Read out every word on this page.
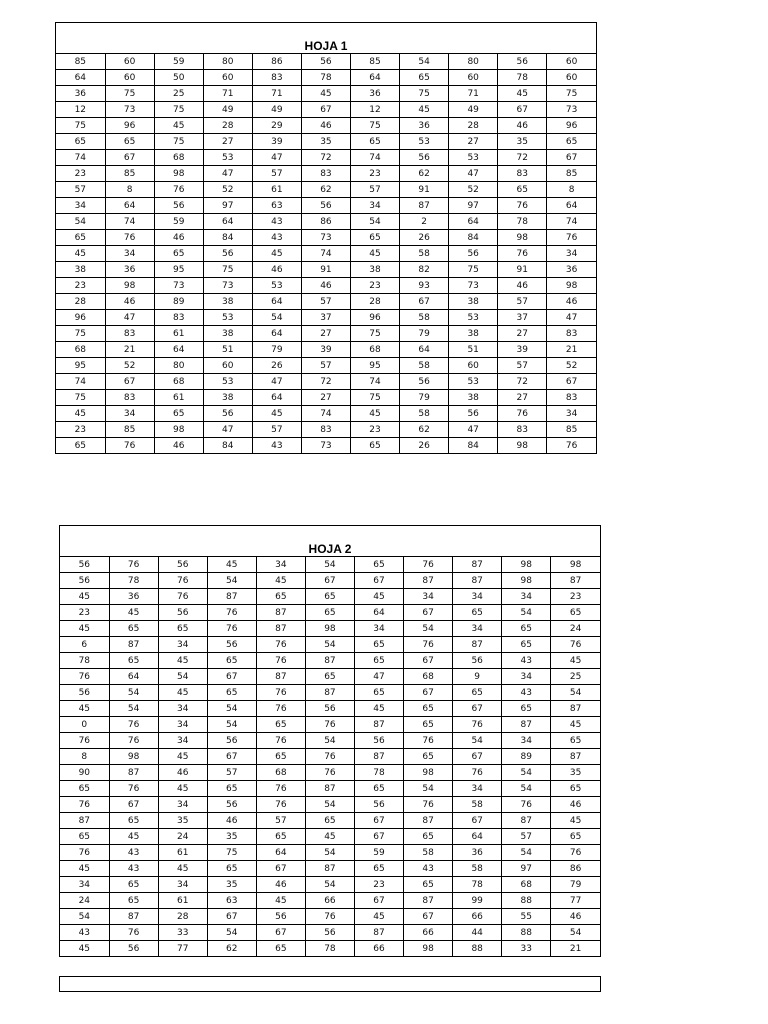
HOJA 1
85	60	59	80	86	56	85	54	80	56	60
64	60	50	60	83	78	64	65	60	78	60
36	75	25	71	71	45	36	75	71	45	75
12	73	75	49	49	67	12	45	49	67	73
75	96	45	28	29	46	75	36	28	46	96
65	65	75	27	39	35	65	53	27	35	65
74	67	68	53	47	72	74	56	53	72	67
23	85	98	47	57	83	23	62	47	83	85
57	8	76	52	61	62	57	91	52	65	8
34	64	56	97	63	56	34	87	97	76	64
54	74	59	64	43	86	54	2	64	78	74
65	76	46	84	43	73	65	26	84	98	76
45	34	65	56	45	74	45	58	56	76	34
38	36	95	75	46	91	38	82	75	91	36
23	98	73	73	53	46	23	93	73	46	98
28	46	89	38	64	57	28	67	38	57	46
96	47	83	53	54	37	96	58	53	37	47
75	83	61	38	64	27	75	79	38	27	83
68	21	64	51	79	39	68	64	51	39	21
95	52	80	60	26	57	95	58	60	57	52
74	67	68	53	47	72	74	56	53	72	67
75	83	61	38	64	27	75	79	38	27	83
45	34	65	56	45	74	45	58	56	76	34
23	85	98	47	57	83	23	62	47	83	85
65	76	46	84	43	73	65	26	84	98	76
HOJA 2
56	76	56	45	34	54	65	76	87	98	98
56	78	76	54	45	67	67	87	87	98	87
45	36	76	87	65	65	45	34	34	34	23
23	45	56	76	87	65	64	67	65	54	65
45	65	65	76	87	98	34	54	34	65	24
6	87	34	56	76	54	65	76	87	65	76
78	65	45	65	76	87	65	67	56	43	45
76	64	54	67	87	65	47	68	9	34	25
56	54	45	65	76	87	65	67	65	43	54
45	54	34	54	76	56	45	65	67	65	87
0	76	34	54	65	76	87	65	76	87	45
76	76	34	56	76	54	56	76	54	34	65
8	98	45	67	65	76	87	65	67	89	87
90	87	46	57	68	76	78	98	76	54	35
65	76	45	65	76	87	65	54	34	54	65
76	67	34	56	76	54	56	76	58	76	46
87	65	35	46	57	65	67	87	67	87	45
65	45	24	35	65	45	67	65	64	57	65
76	43	61	75	64	54	59	58	36	54	76
45	43	45	65	67	87	65	43	58	97	86
34	65	34	35	46	54	23	65	78	68	79
24	65	61	63	45	66	67	87	99	88	77
54	87	28	67	56	76	45	67	66	55	46
43	76	33	54	67	56	87	66	44	88	54
45	56	77	62	65	78	66	98	88	33	21
